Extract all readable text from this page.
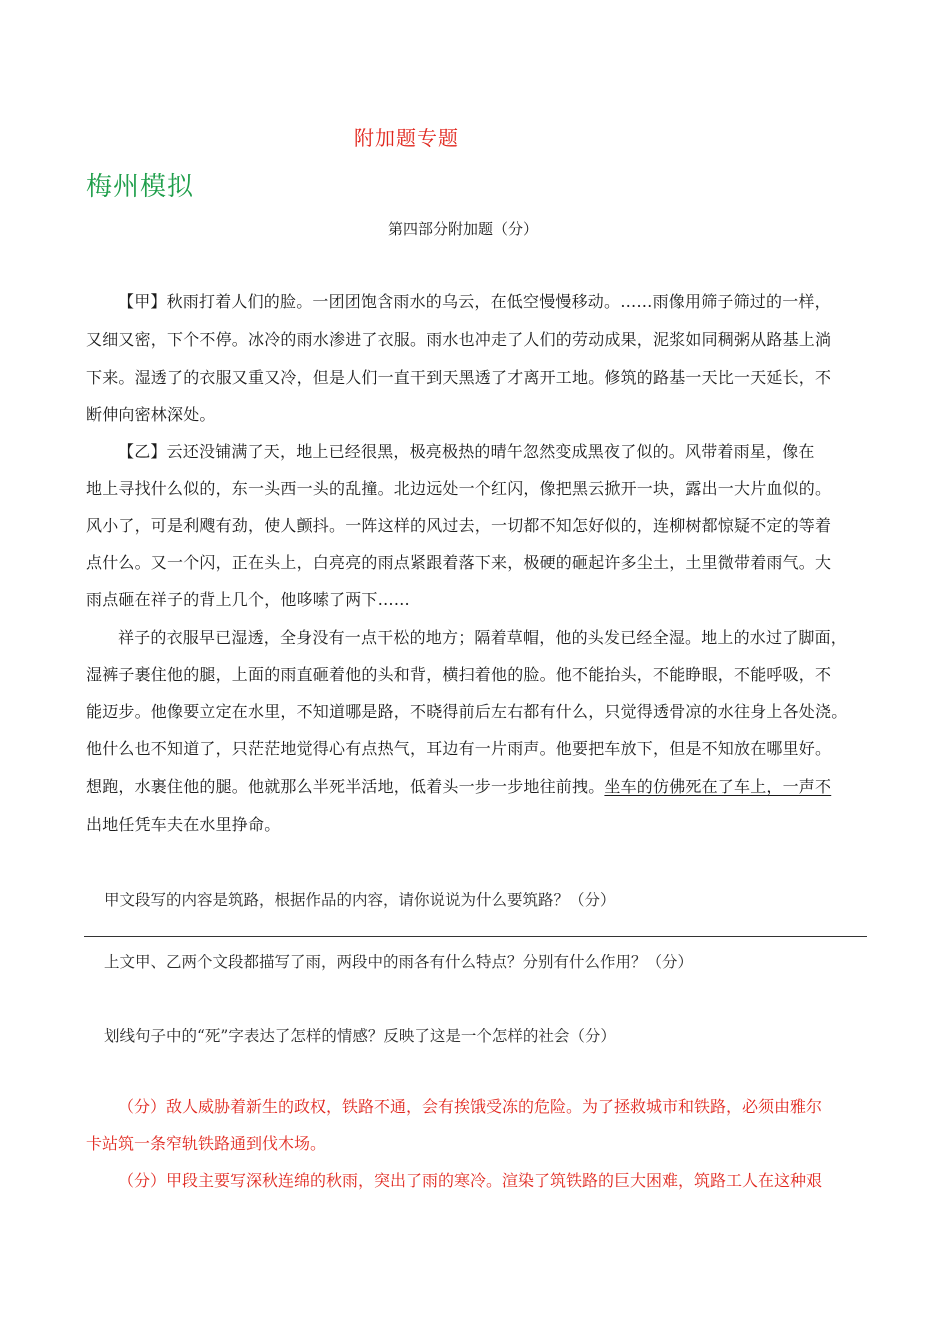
附加题专题
梅州模拟
第四部分附加题（分）
【甲】秋雨打着人们的脸。一团团饱含雨水的乌云，在低空慢慢移动。……雨像用筛子筛过的一样，
又细又密，下个不停。冰冷的雨水渗进了衣服。雨水也冲走了人们的劳动成果，泥浆如同稠粥从路基上淌
下来。湿透了的衣服又重又冷，但是人们一直干到天黑透了才离开工地。修筑的路基一天比一天延长，不
断伸向密林深处。
【乙】云还没铺满了天，地上已经很黑，极亮极热的晴午忽然变成黑夜了似的。风带着雨星，像在
地上寻找什么似的，东一头西一头的乱撞。北边远处一个红闪，像把黑云掀开一块，露出一大片血似的。
风小了，可是利飕有劲，使人颤抖。一阵这样的风过去，一切都不知怎好似的，连柳树都惊疑不定的等着
点什么。又一个闪，正在头上，白亮亮的雨点紧跟着落下来，极硬的砸起许多尘土，土里微带着雨气。大
雨点砸在祥子的背上几个，他哆嗦了两下……
祥子的衣服早已湿透，全身没有一点干松的地方；隔着草帽，他的头发已经全湿。地上的水过了脚面，
湿裤子裹住他的腿，上面的雨直砸着他的头和背，横扫着他的脸。他不能抬头，不能睁眼，不能呼吸，不
能迈步。他像要立定在水里，不知道哪是路，不晓得前后左右都有什么，只觉得透骨凉的水往身上各处浇。
他什么也不知道了，只茫茫地觉得心有点热气，耳边有一片雨声。他要把车放下，但是不知放在哪里好。
想跑，水裹住他的腿。他就那么半死半活地，低着头一步一步地往前拽。坐车的仿佛死在了车上，一声不
出地任凭车夫在水里挣命。
甲文段写的内容是筑路，根据作品的内容，请你说说为什么要筑路？（分）
上文甲、乙两个文段都描写了雨，两段中的雨各有什么特点？分别有什么作用？（分）
划线句子中的“死”字表达了怎样的情感？反映了这是一个怎样的社会（分）
（分）敌人威胁着新生的政权，铁路不通，会有挨饿受冻的危险。为了拯救城市和铁路，必须由雅尔
卡站筑一条窄轨铁路通到伐木场。
（分）甲段主要写深秋连绵的秋雨，突出了雨的寒冷。渲染了筑铁路的巨大困难，筑路工人在这种艰
